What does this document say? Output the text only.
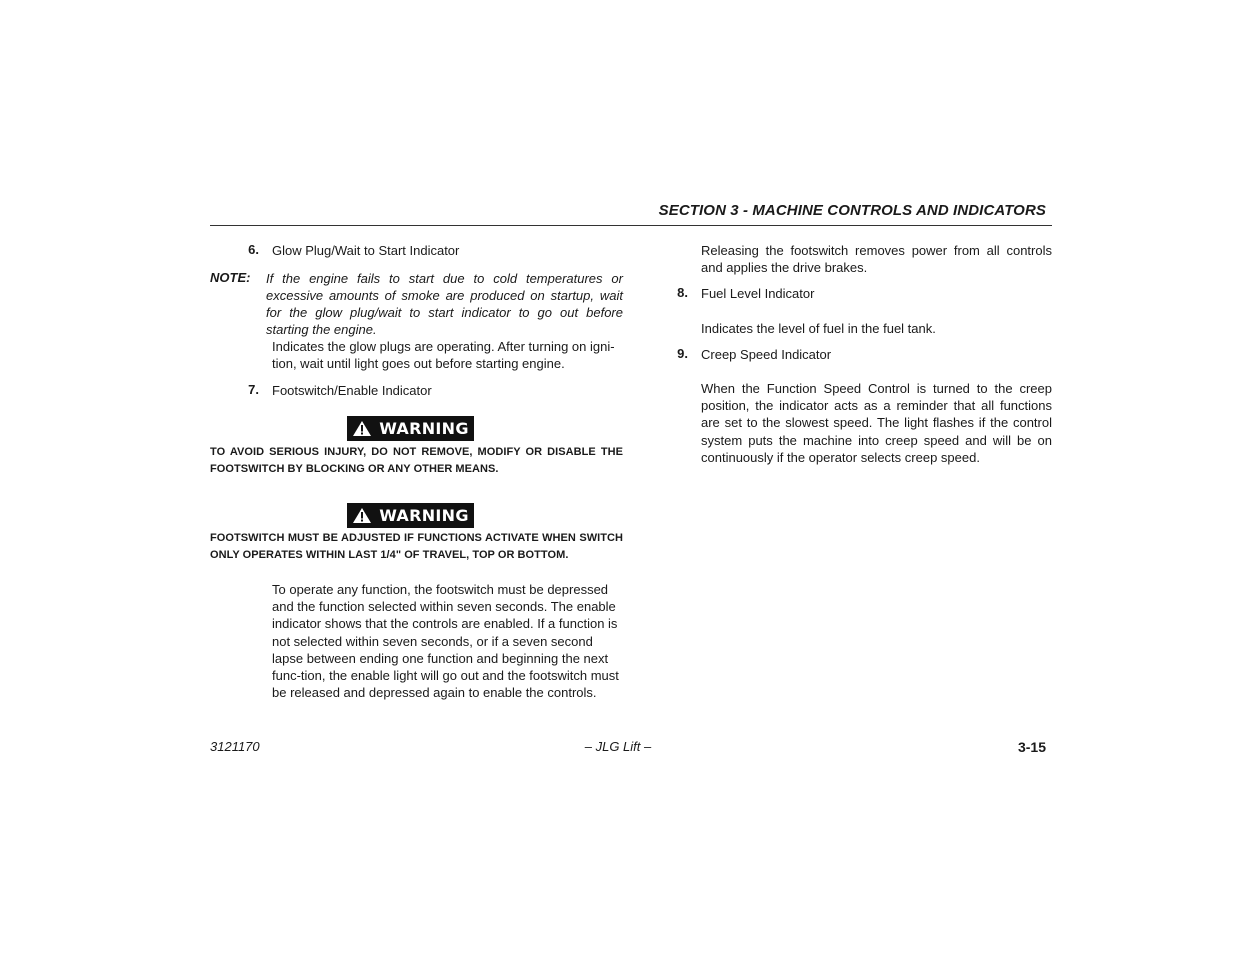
SECTION 3 - MACHINE CONTROLS AND INDICATORS
6. Glow Plug/Wait to Start Indicator
NOTE: If the engine fails to start due to cold temperatures or excessive amounts of smoke are produced on startup, wait for the glow plug/wait to start indicator to go out before starting the engine.
Indicates the glow plugs are operating. After turning on igni-
tion, wait until light goes out before starting engine.
7. Footswitch/Enable Indicator
WARNING
TO AVOID SERIOUS INJURY, DO NOT REMOVE, MODIFY OR DISABLE THE FOOTSWITCH BY BLOCKING OR ANY OTHER MEANS.
WARNING
FOOTSWITCH MUST BE ADJUSTED IF FUNCTIONS ACTIVATE WHEN SWITCH ONLY OPERATES WITHIN LAST 1/4" OF TRAVEL, TOP OR BOTTOM.
To operate any function, the footswitch must be depressed and the function selected within seven seconds. The enable indicator shows that the controls are enabled. If a function is not selected within seven seconds, or if a seven second lapse between ending one function and beginning the next func-tion, the enable light will go out and the footswitch must be released and depressed again to enable the controls.
Releasing the footswitch removes power from all controls and applies the drive brakes.
8. Fuel Level Indicator
Indicates the level of fuel in the fuel tank.
9. Creep Speed Indicator
When the Function Speed Control is turned to the creep position, the indicator acts as a reminder that all functions are set to the slowest speed. The light flashes if the control system puts the machine into creep speed and will be on continuously if the operator selects creep speed.
3121170	– JLG Lift –	3-15
